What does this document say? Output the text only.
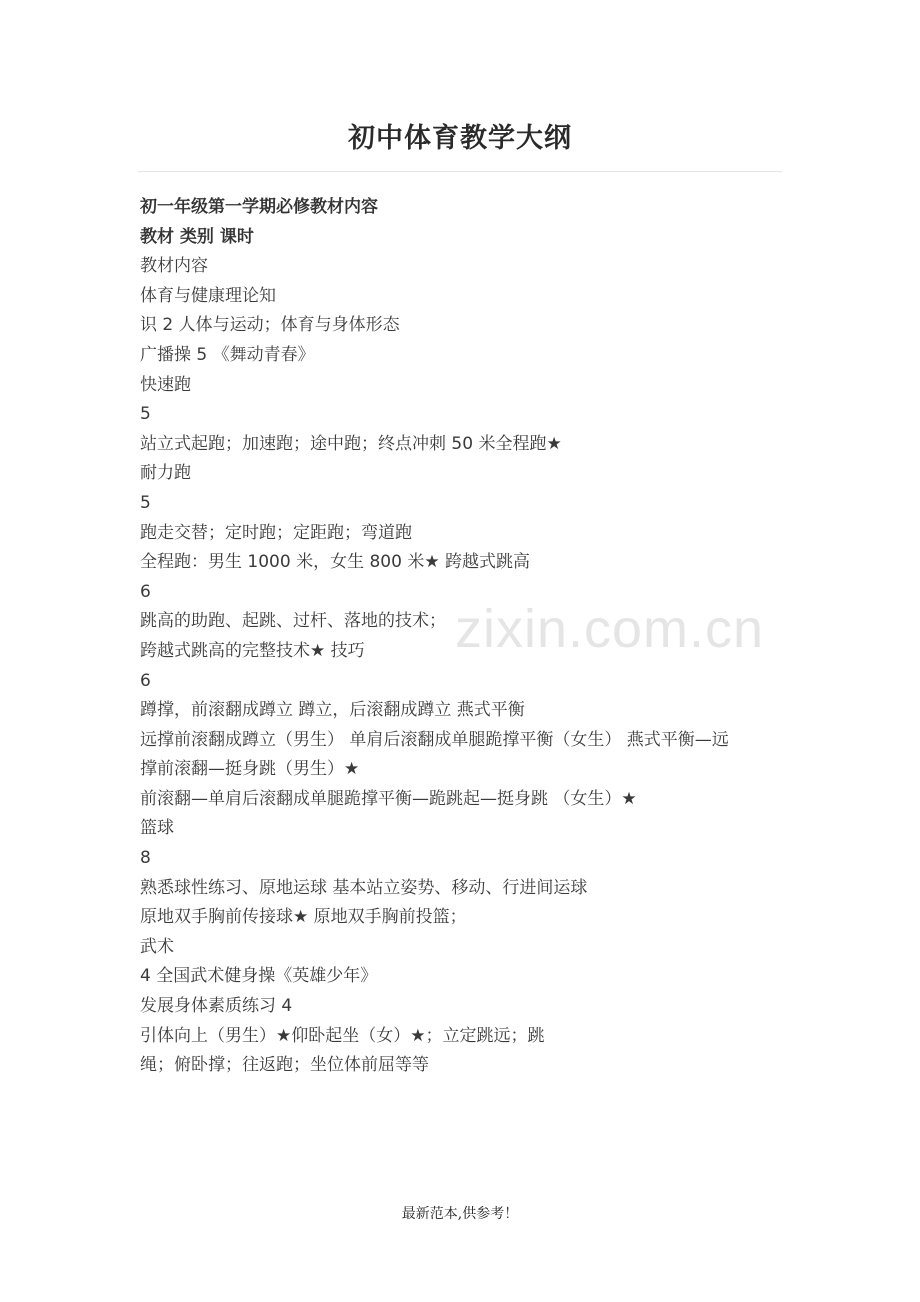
初中体育教学大纲
初一年级第一学期必修教材内容
教材 类别 课时
教材内容
体育与健康理论知
识 2 人体与运动；体育与身体形态
广播操 5 《舞动青春》
快速跑
5
站立式起跑；加速跑；途中跑；终点冲刺 50 米全程跑★
耐力跑
5
跑走交替；定时跑；定距跑；弯道跑
全程跑：男生 1000 米，女生 800 米★ 跨越式跳高
6
跳高的助跑、起跳、过杆、落地的技术；
跨越式跳高的完整技术★ 技巧
6
蹲撑，前滚翻成蹲立 蹲立，后滚翻成蹲立 燕式平衡
远撑前滚翻成蹲立（男生） 单肩后滚翻成单腿跪撑平衡（女生） 燕式平衡—远
撑前滚翻—挺身跳（男生）★
前滚翻—单肩后滚翻成单腿跪撑平衡—跪跳起—挺身跳 （女生）★
篮球
8
熟悉球性练习、原地运球 基本站立姿势、移动、行进间运球
原地双手胸前传接球★ 原地双手胸前投篮；
武术
4 全国武术健身操《英雄少年》
发展身体素质练习 4
引体向上（男生）★仰卧起坐（女）★；立定跳远；跳
绳；俯卧撑；往返跑；坐位体前屈等等
zixin.com.cn
最新范本,供参考！
